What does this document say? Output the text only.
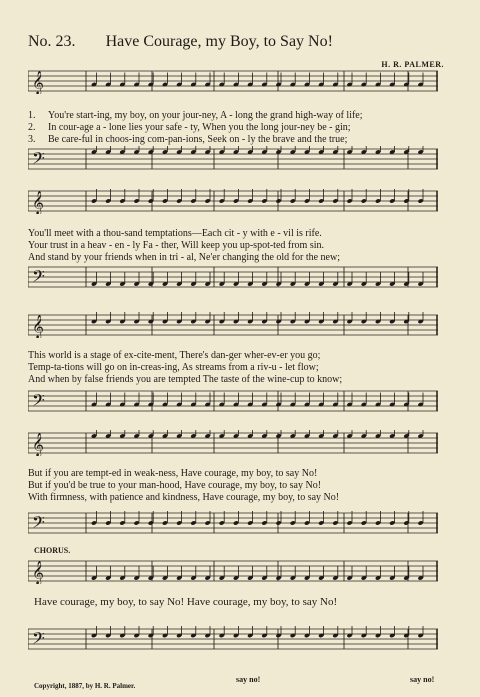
No. 23. Have Courage, my Boy, to Say No!
H. R. PALMER.
𝄞
1. You're start-ing, my boy, on your jour-ney, A - long the grand high-way of life;
2. In cour-age a - lone lies your safe - ty, When you the long jour-ney be - gin;
3. Be care-ful in choos-ing com-pan-ions, Seek on - ly the brave and the true;
𝄢
𝄞
You'll meet with a thou-sand temptations—Each cit - y with e - vil is rife.
Your trust in a heav - en - ly Fa - ther, Will keep you up-spot-ted from sin.
And stand by your friends when in tri - al, Ne'er changing the old for the new;
𝄢
𝄞
This world is a stage of ex-cite-ment, There's dan-ger wher-ev-er you go;
Temp-ta-tions will go on in-creas-ing, As streams from a riv-u - let flow;
And when by false friends you are tempted The taste of the wine-cup to know;
𝄢
𝄞
But if you are tempt-ed in weak-ness, Have courage, my boy, to say No!
But if you'd be true to your man-hood, Have courage, my boy, to say No!
With firmness, with patience and kindness, Have courage, my boy, to say No!
𝄢
CHORUS.
𝄞
Have courage, my boy, to say No! Have courage, my boy, to say No!
𝄢
say no!	say no!
Copyright, 1887, by H. R. Palmer.
